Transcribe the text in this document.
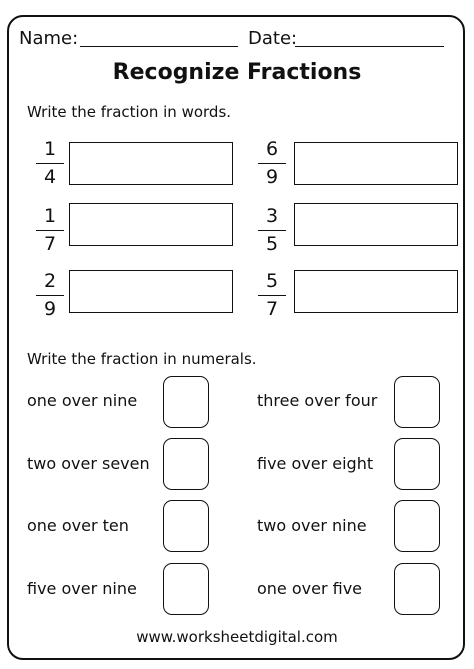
Name:	Date:
Recognize Fractions
Write the fraction in words.
1
4
6
9
1
7
3
5
2
9
5
7
Write the fraction in numerals.
one over nine	three over four
two over seven	five over eight
one over ten	two over nine
five over nine	one over five
www.worksheetdigital.com
